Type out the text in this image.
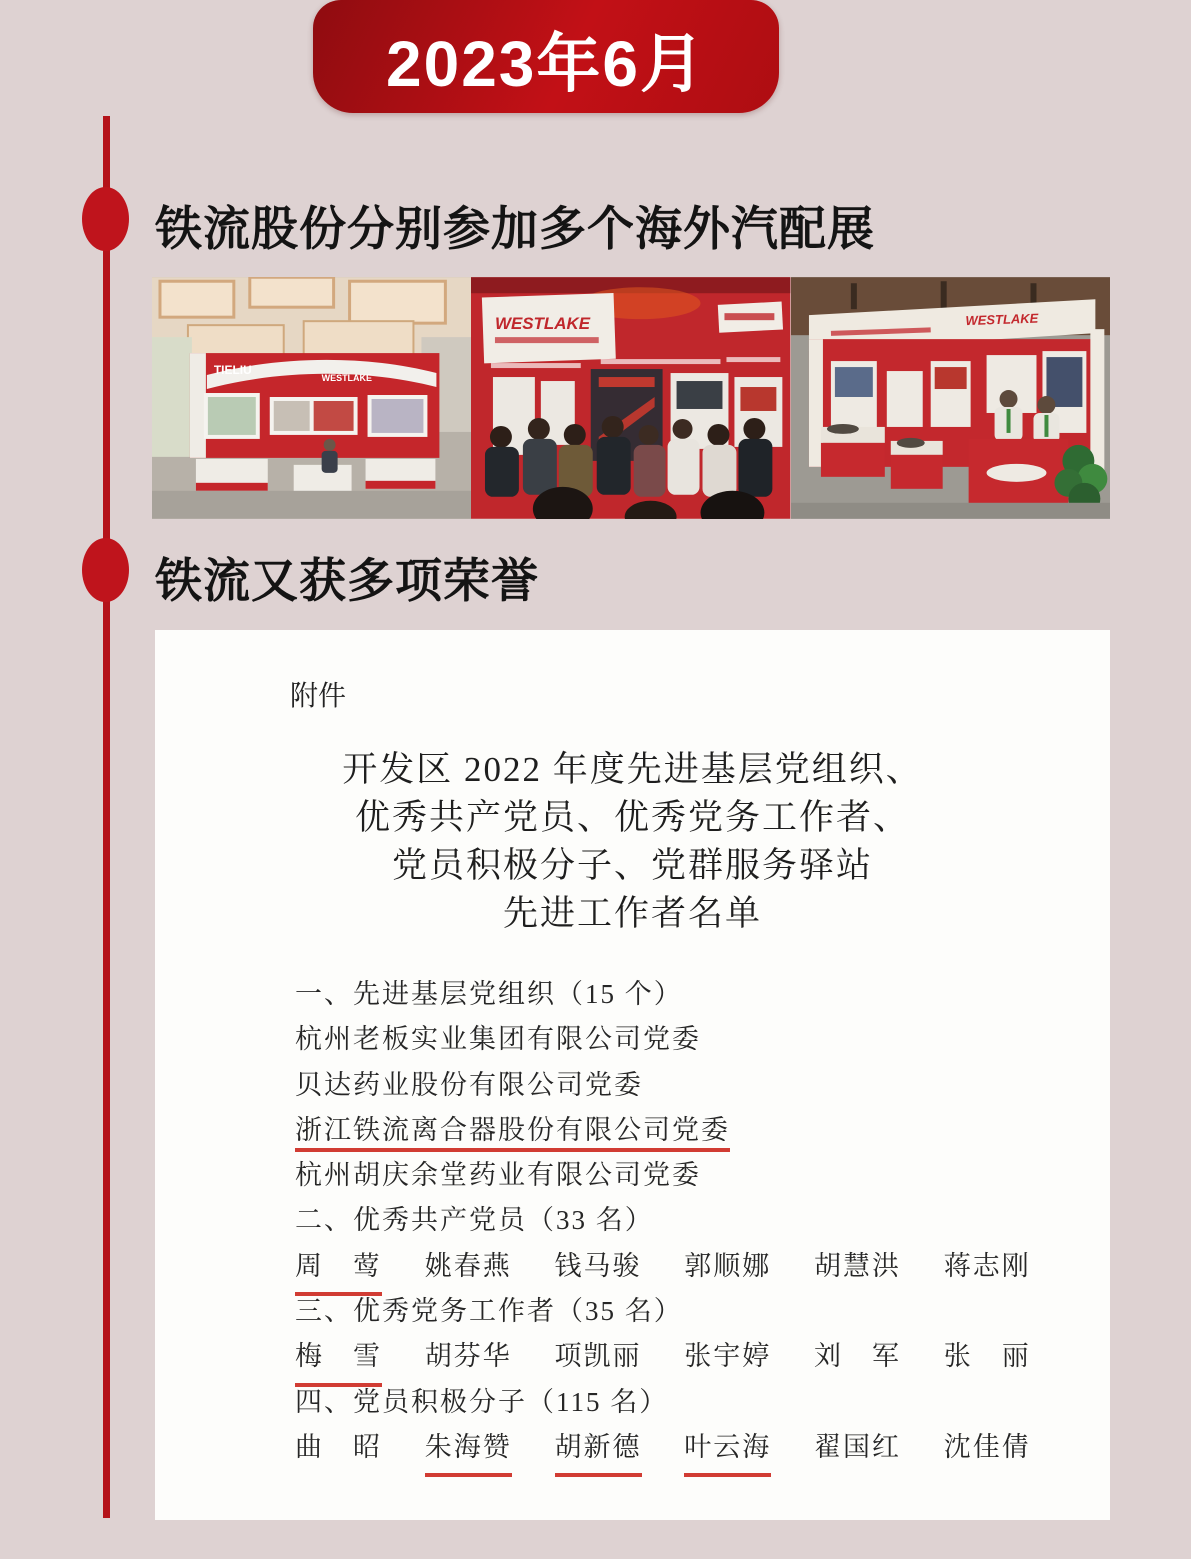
2023年6月
铁流股份分别参加多个海外汽配展
TIELIU
WESTLAKE
WESTLAKE	WESTLAKE
铁流又获多项荣誉
附件
开发区 2022 年度先进基层党组织、
优秀共产党员、优秀党务工作者、
党员积极分子、党群服务驿站
先进工作者名单
一、先进基层党组织（15 个）
杭州老板实业集团有限公司党委
贝达药业股份有限公司党委
浙江铁流离合器股份有限公司党委
杭州胡庆余堂药业有限公司党委
二、优秀共产党员（33 名）
周　莺 姚春燕 钱马骏 郭顺娜 胡慧洪 蒋志刚
三、优秀党务工作者（35 名）
梅　雪 胡芬华 项凯丽 张宇婷 刘　军 张　丽
四、党员积极分子（115 名）
曲　昭 朱海赞 胡新德 叶云海 翟国红 沈佳倩
